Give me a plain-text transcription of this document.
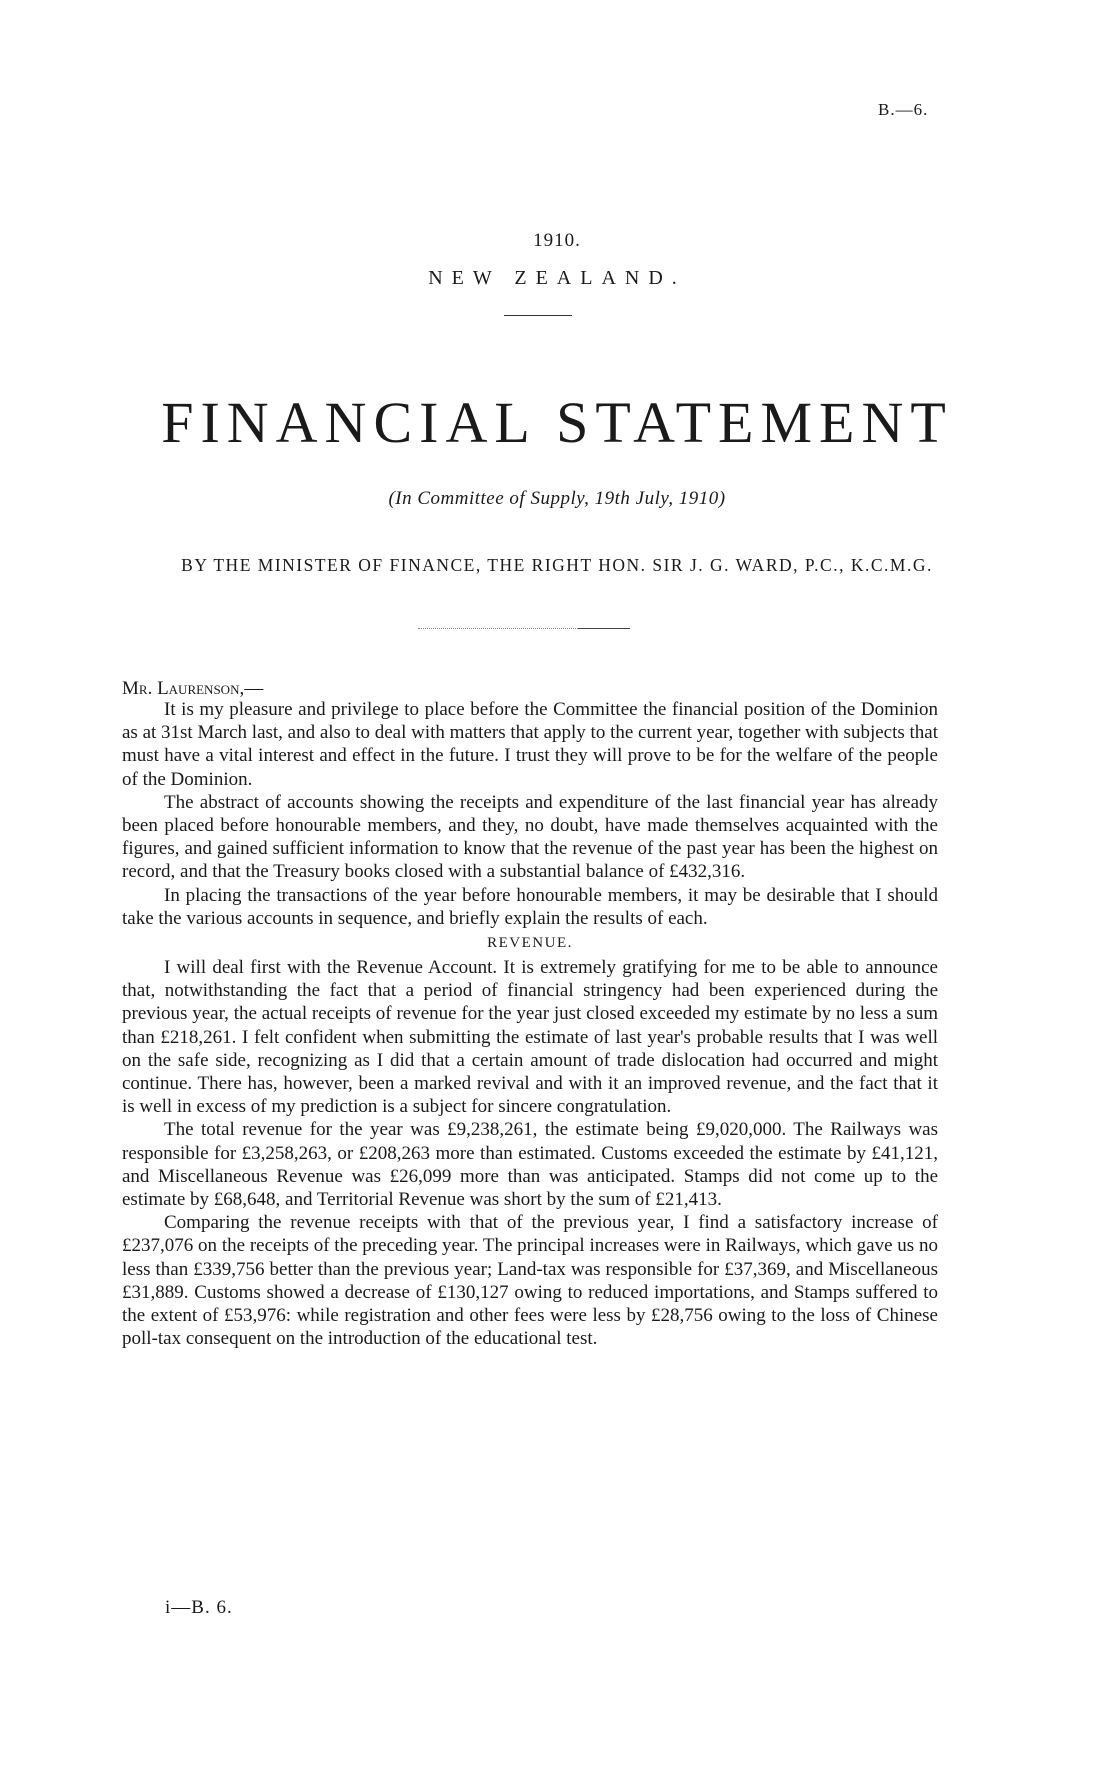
B.—6.
1910.
NEW ZEALAND.
FINANCIAL STATEMENT
(In Committee of Supply, 19th July, 1910)
BY THE MINISTER OF FINANCE, THE RIGHT HON. SIR J. G. WARD, P.C., K.C.M.G.
Mr. Laurenson,—

It is my pleasure and privilege to place before the Committee the financial position of the Dominion as at 31st March last, and also to deal with matters that apply to the current year, together with subjects that must have a vital interest and effect in the future. I trust they will prove to be for the welfare of the people of the Dominion.

The abstract of accounts showing the receipts and expenditure of the last financial year has already been placed before honourable members, and they, no doubt, have made themselves acquainted with the figures, and gained sufficient information to know that the revenue of the past year has been the highest on record, and that the Treasury books closed with a substantial balance of £432,316.

In placing the transactions of the year before honourable members, it may be desirable that I should take the various accounts in sequence, and briefly explain the results of each.

REVENUE.

I will deal first with the Revenue Account. It is extremely gratifying for me to be able to announce that, notwithstanding the fact that a period of financial stringency had been experienced during the previous year, the actual receipts of revenue for the year just closed exceeded my estimate by no less a sum than £218,261. I felt confident when submitting the estimate of last year's probable results that I was well on the safe side, recognizing as I did that a certain amount of trade dislocation had occurred and might continue. There has, however, been a marked revival and with it an improved revenue, and the fact that it is well in excess of my prediction is a subject for sincere congratulation.

The total revenue for the year was £9,238,261, the estimate being £9,020,000. The Railways was responsible for £3,258,263, or £208,263 more than estimated. Customs exceeded the estimate by £41,121, and Miscellaneous Revenue was £26,099 more than was anticipated. Stamps did not come up to the estimate by £68,648, and Territorial Revenue was short by the sum of £21,413.

Comparing the revenue receipts with that of the previous year, I find a satisfactory increase of £237,076 on the receipts of the preceding year. The principal increases were in Railways, which gave us no less than £339,756 better than the previous year; Land-tax was responsible for £37,369, and Miscellaneous £31,889. Customs showed a decrease of £130,127 owing to reduced importations, and Stamps suffered to the extent of £53,976: while registration and other fees were less by £28,756 owing to the loss of Chinese poll-tax consequent on the introduction of the educational test.

i—B. 6.
